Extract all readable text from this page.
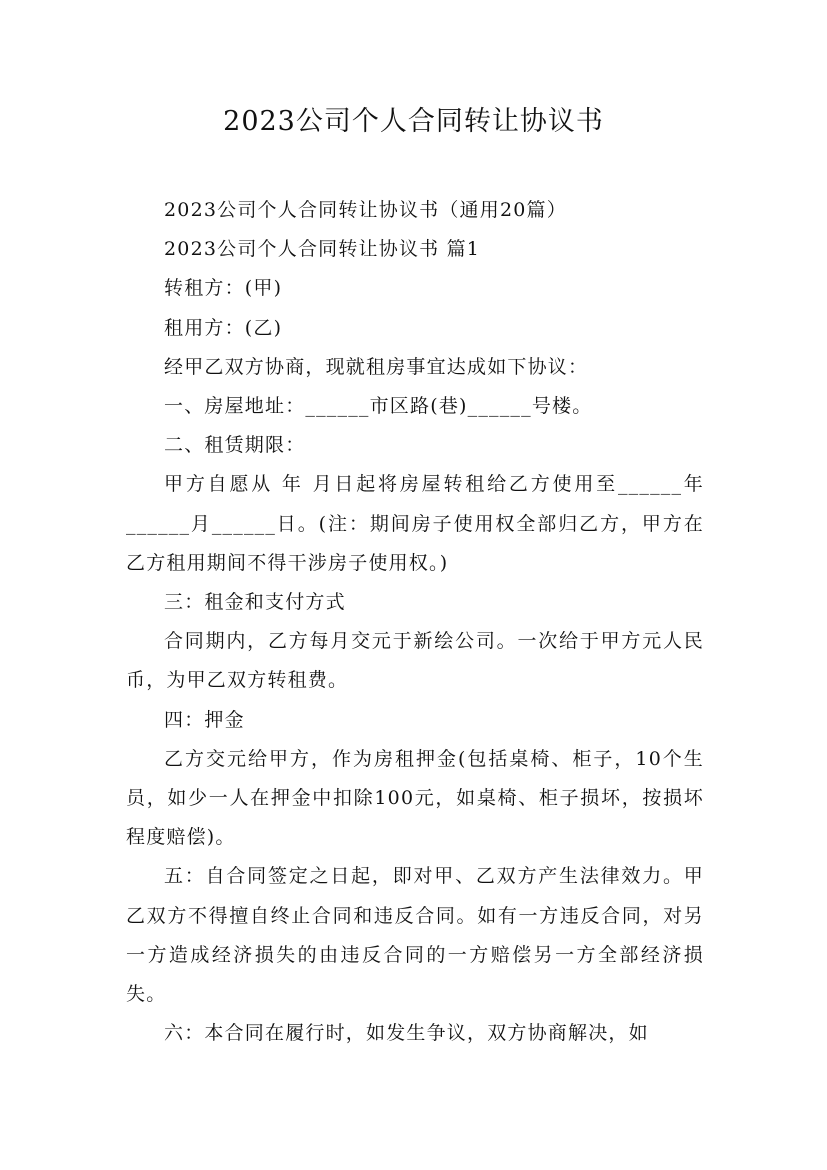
2023公司个人合同转让协议书

2023公司个人合同转让协议书（通用20篇）

2023公司个人合同转让协议书 篇1

转租方：(甲)

租用方：(乙)

经甲乙双方协商，现就租房事宜达成如下协议：

一、房屋地址：______市区路(巷)______号楼。

二、租赁期限：

甲方自愿从 年 月日起将房屋转租给乙方使用至______年______月______日。(注：期间房子使用权全部归乙方，甲方在乙方租用期间不得干涉房子使用权。)

三：租金和支付方式

合同期内，乙方每月交元于新绘公司。一次给于甲方元人民币，为甲乙双方转租费。

四：押金

乙方交元给甲方，作为房租押金(包括桌椅、柜子，10个生员，如少一人在押金中扣除100元，如桌椅、柜子损坏，按损坏程度赔偿)。

五：自合同签定之日起，即对甲、乙双方产生法律效力。甲乙双方不得擅自终止合同和违反合同。如有一方违反合同，对另一方造成经济损失的由违反合同的一方赔偿另一方全部经济损失。

六：本合同在履行时，如发生争议，双方协商解决，如
